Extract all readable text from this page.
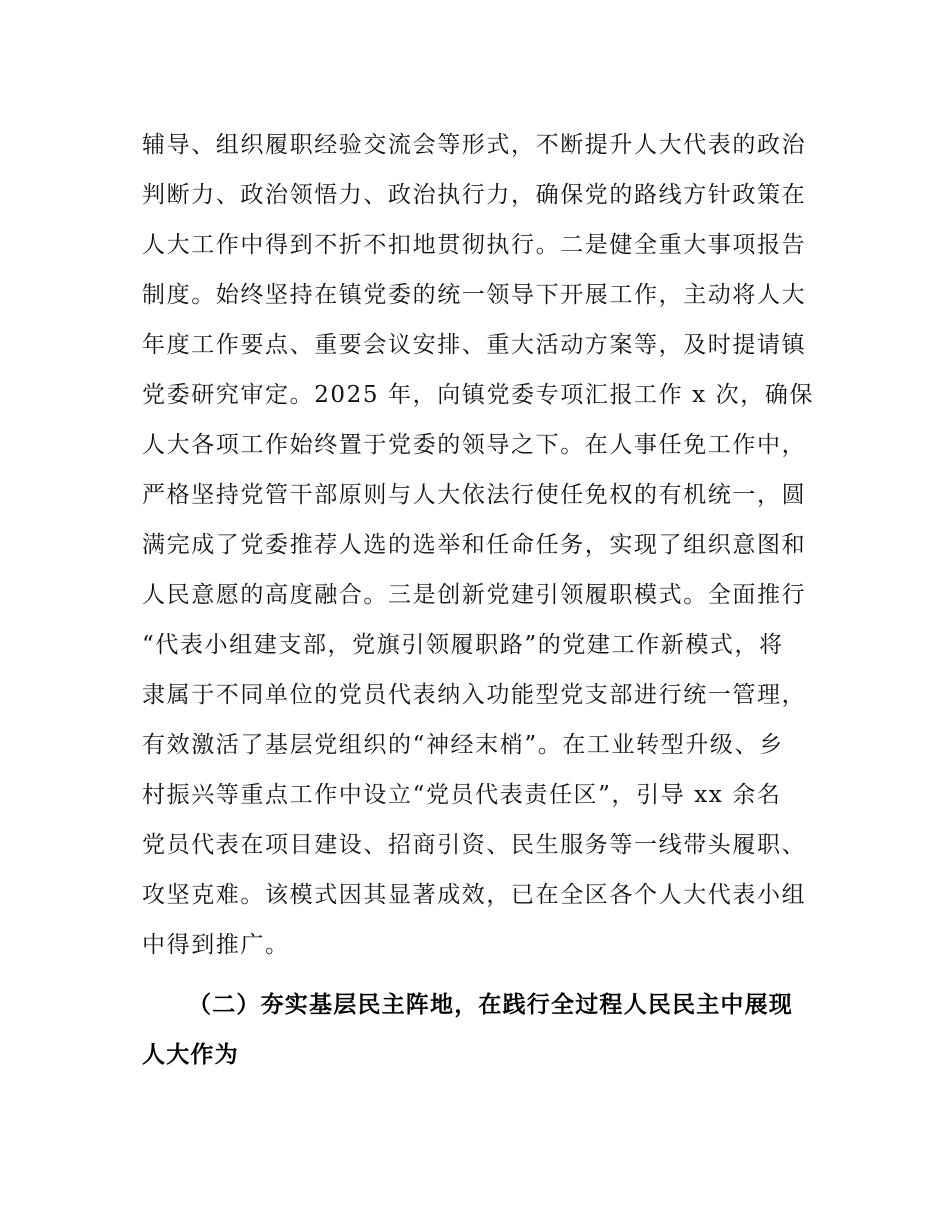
辅导、组织履职经验交流会等形式，不断提升人大代表的政治
判断力、政治领悟力、政治执行力，确保党的路线方针政策在
人大工作中得到不折不扣地贯彻执行。二是健全重大事项报告
制度。始终坚持在镇党委的统一领导下开展工作，主动将人大
年度工作要点、重要会议安排、重大活动方案等，及时提请镇
党委研究审定。2025 年，向镇党委专项汇报工作 x 次，确保
人大各项工作始终置于党委的领导之下。在人事任免工作中，
严格坚持党管干部原则与人大依法行使任免权的有机统一，圆
满完成了党委推荐人选的选举和任命任务，实现了组织意图和
人民意愿的高度融合。三是创新党建引领履职模式。全面推行
“代表小组建支部，党旗引领履职路”的党建工作新模式，将
隶属于不同单位的党员代表纳入功能型党支部进行统一管理，
有效激活了基层党组织的“神经末梢”。在工业转型升级、乡
村振兴等重点工作中设立“党员代表责任区”，引导 xx 余名
党员代表在项目建设、招商引资、民生服务等一线带头履职、
攻坚克难。该模式因其显著成效，已在全区各个人大代表小组
中得到推广。
（二）夯实基层民主阵地，在践行全过程人民民主中展现
人大作为
